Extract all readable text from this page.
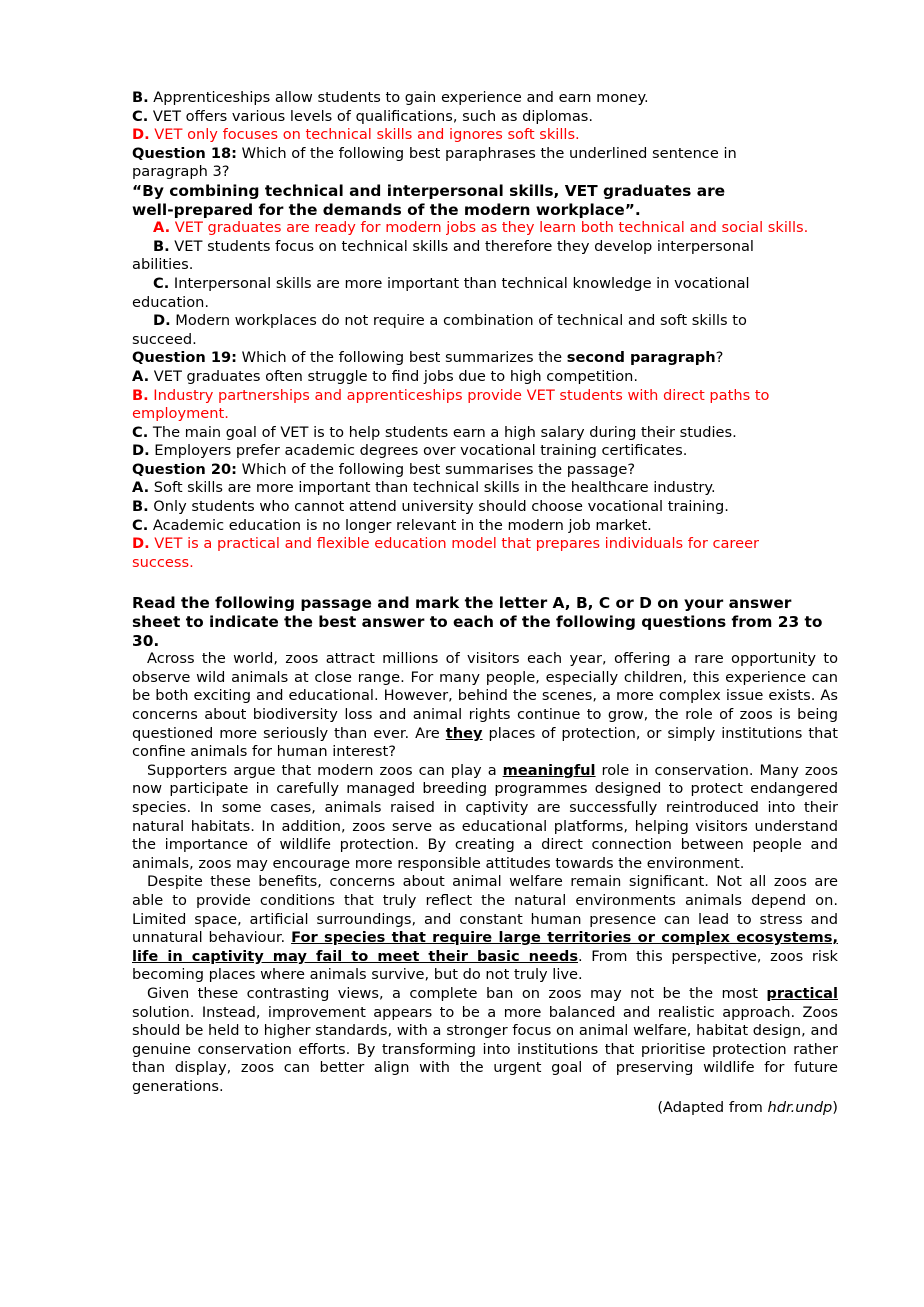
B. Apprenticeships allow students to gain experience and earn money.

C. VET offers various levels of qualifications, such as diplomas.

D. VET only focuses on technical skills and ignores soft skills.

Question 18: Which of the following best paraphrases the underlined sentence in paragraph 3?

“By combining technical and interpersonal skills, VET graduates are well-prepared for the demands of the modern workplace”.

A. VET graduates are ready for modern jobs as they learn both technical and social skills.

B. VET students focus on technical skills and therefore they develop interpersonal

abilities.

C. Interpersonal skills are more important than technical knowledge in vocational

education.

D. Modern workplaces do not require a combination of technical and soft skills to

succeed.

Question 19: Which of the following best summarizes the second paragraph?

A. VET graduates often struggle to find jobs due to high competition.

B. Industry partnerships and apprenticeships provide VET students with direct paths to employment.

C. The main goal of VET is to help students earn a high salary during their studies.

D. Employers prefer academic degrees over vocational training certificates.

Question 20: Which of the following best summarises the passage?

A. Soft skills are more important than technical skills in the healthcare industry.

B. Only students who cannot attend university should choose vocational training.

C. Academic education is no longer relevant in the modern job market.

D. VET is a practical and flexible education model that prepares individuals for career success.

Read the following passage and mark the letter A, B, C or D on your answer sheet to indicate the best answer to each of the following questions from 23 to 30.

Across the world, zoos attract millions of visitors each year, offering a rare opportunity to observe wild animals at close range. For many people, especially children, this experience can be both exciting and educational. However, behind the scenes, a more complex issue exists. As concerns about biodiversity loss and animal rights continue to grow, the role of zoos is being questioned more seriously than ever. Are they places of protection, or simply institutions that confine animals for human interest?

Supporters argue that modern zoos can play a meaningful role in conservation. Many zoos now participate in carefully managed breeding programmes designed to protect endangered species. In some cases, animals raised in captivity are successfully reintroduced into their natural habitats. In addition, zoos serve as educational platforms, helping visitors understand the importance of wildlife protection. By creating a direct connection between people and animals, zoos may encourage more responsible attitudes towards the environment.

Despite these benefits, concerns about animal welfare remain significant. Not all zoos are able to provide conditions that truly reflect the natural environments animals depend on. Limited space, artificial surroundings, and constant human presence can lead to stress and unnatural behaviour. For species that require large territories or complex ecosystems, life in captivity may fail to meet their basic needs. From this perspective, zoos risk becoming places where animals survive, but do not truly live.

Given these contrasting views, a complete ban on zoos may not be the most practical solution. Instead, improvement appears to be a more balanced and realistic approach. Zoos should be held to higher standards, with a stronger focus on animal welfare, habitat design, and genuine conservation efforts. By transforming into institutions that prioritise protection rather than display, zoos can better align with the urgent goal of preserving wildlife for future generations.

(Adapted from hdr.undp)
